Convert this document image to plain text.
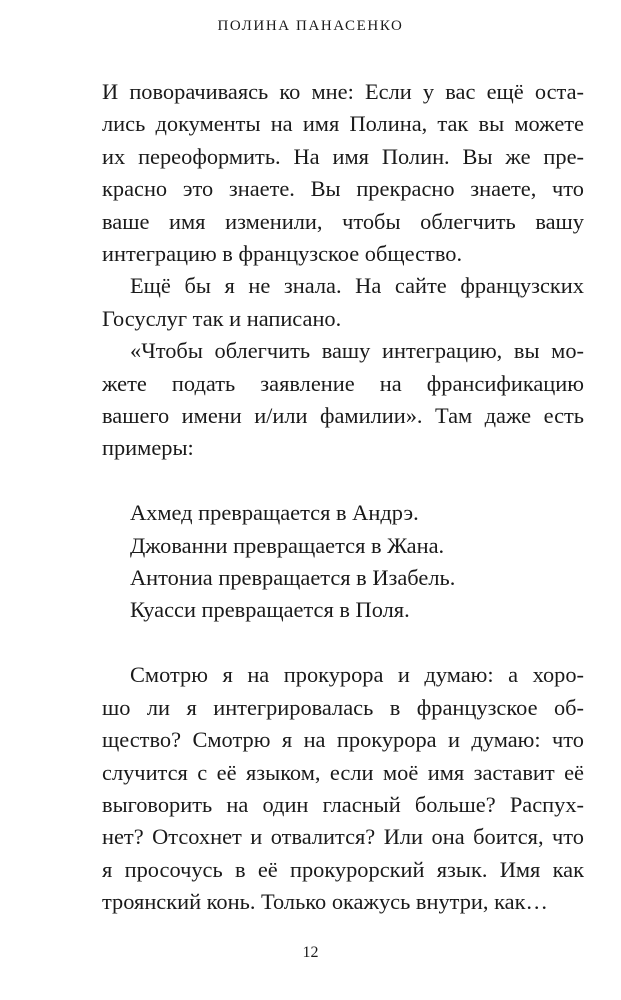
ПОЛИНА ПАНАСЕНКО
И поворачиваясь ко мне: Если у вас ещё оста-
лись документы на имя Полина, так вы можете
их переоформить. На имя Полин. Вы же пре-
красно это знаете. Вы прекрасно знаете, что
ваше имя изменили, чтобы облегчить вашу
интеграцию в французское общество.
Ещё бы я не знала. На сайте французских
Госуслуг так и написано.
«Чтобы облегчить вашу интеграцию, вы мо-
жете подать заявление на франсификацию
вашего имени и/или фамилии». Там даже есть
примеры:
Ахмед превращается в Андрэ.
Джованни превращается в Жана.
Антониа превращается в Изабель.
Куасси превращается в Поля.
Смотрю я на прокурора и думаю: а хоро-
шо ли я интегрировалась в французское об-
щество? Смотрю я на прокурора и думаю: что
случится с её языком, если моё имя заставит её
выговорить на один гласный больше? Распух-
нет? Отсохнет и отвалится? Или она боится, что
я просочусь в её прокурорский язык. Имя как
троянский конь. Только окажусь внутри, как…
12
